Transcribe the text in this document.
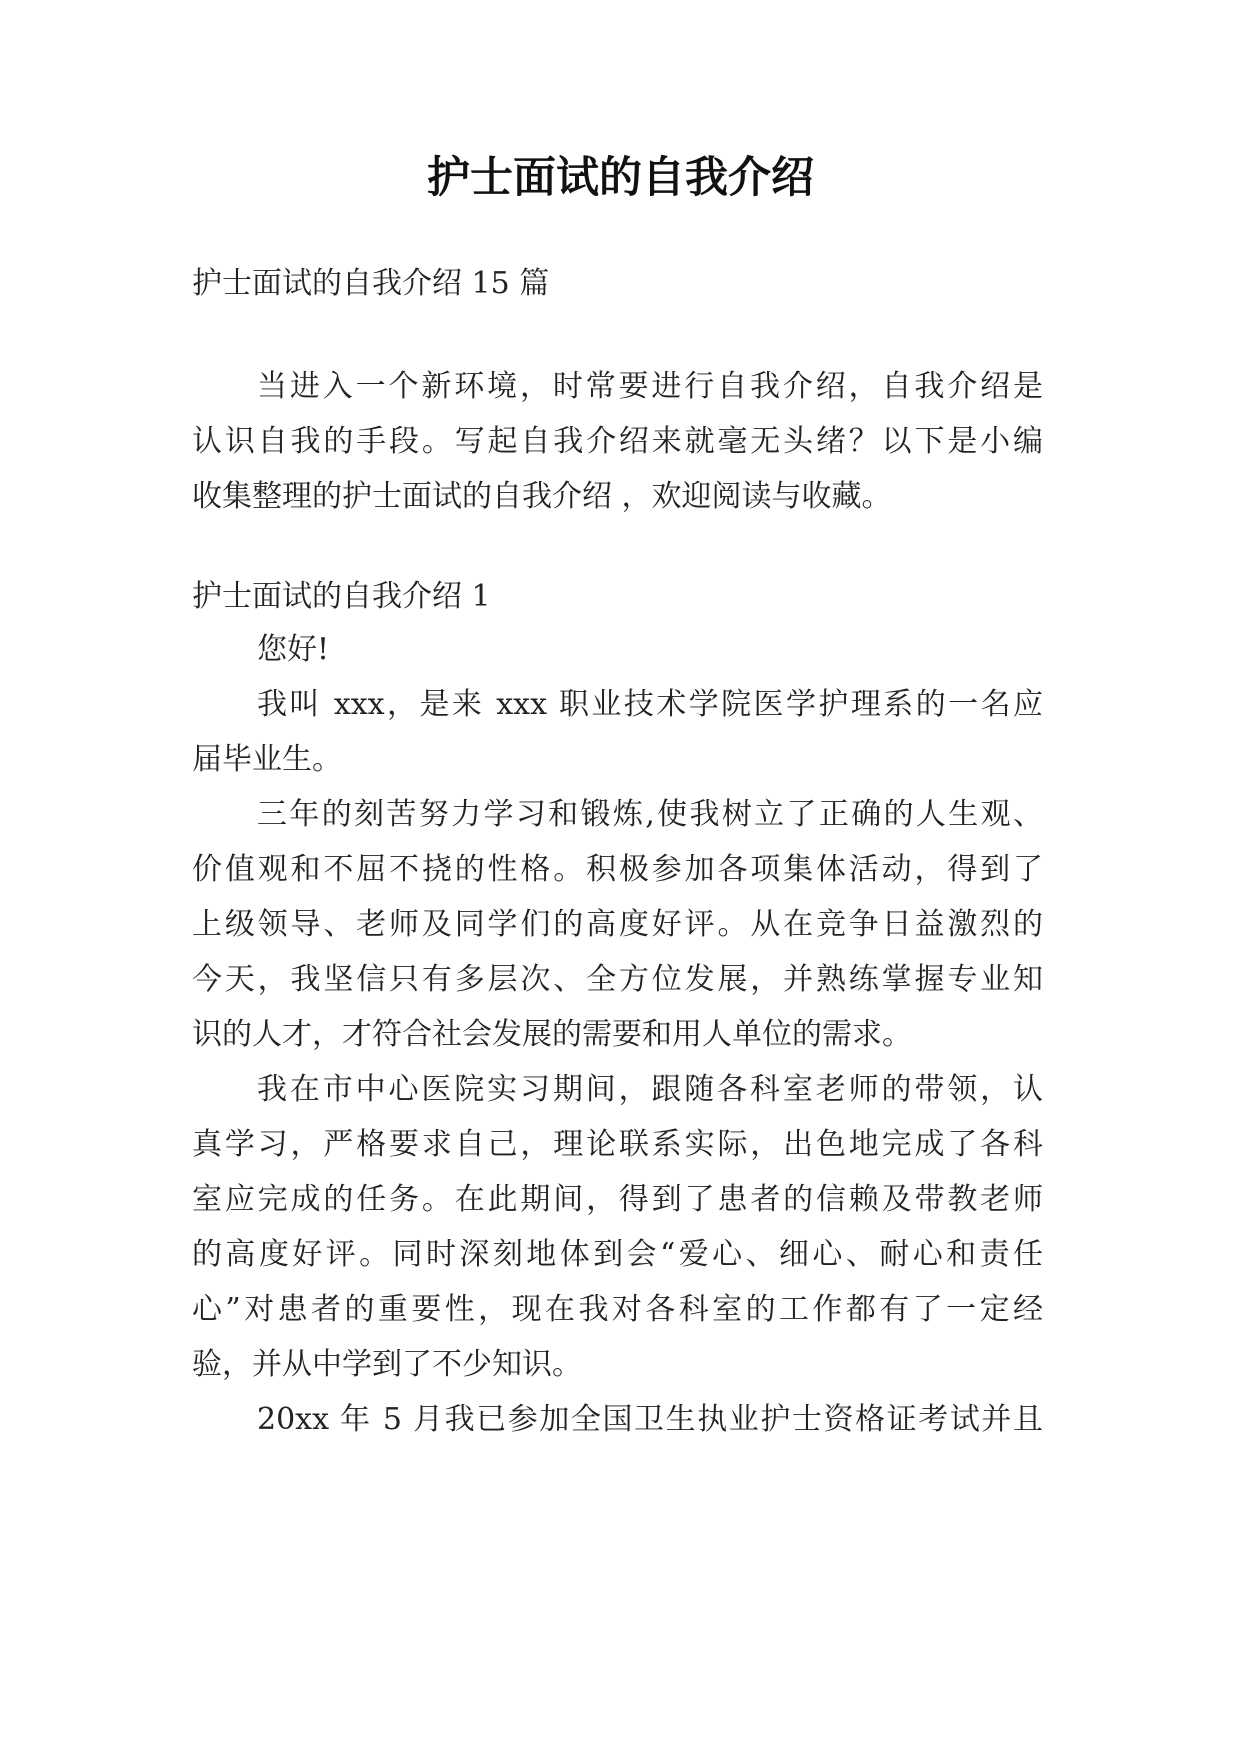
护士面试的自我介绍
护士面试的自我介绍 15 篇
当进入一个新环境，时常要进行自我介绍，自我介绍是
认识自我的手段。写起自我介绍来就毫无头绪？以下是小编
收集整理的护士面试的自我介绍 ，欢迎阅读与收藏。
护士面试的自我介绍 1
您好!
我叫 xxx，是来 xxx 职业技术学院医学护理系的一名应
届毕业生。
三年的刻苦努力学习和锻炼,使我树立了正确的人生观、
价值观和不屈不挠的性格。积极参加各项集体活动，得到了
上级领导、老师及同学们的高度好评。从在竞争日益激烈的
今天，我坚信只有多层次、全方位发展，并熟练掌握专业知
识的人才，才符合社会发展的需要和用人单位的需求。
我在市中心医院实习期间，跟随各科室老师的带领，认
真学习，严格要求自己，理论联系实际，出色地完成了各科
室应完成的任务。在此期间，得到了患者的信赖及带教老师
的高度好评。同时深刻地体到会“爱心、细心、耐心和责任
心”对患者的重要性，现在我对各科室的工作都有了一定经
验，并从中学到了不少知识。
20xx 年 5 月我已参加全国卫生执业护士资格证考试并且
